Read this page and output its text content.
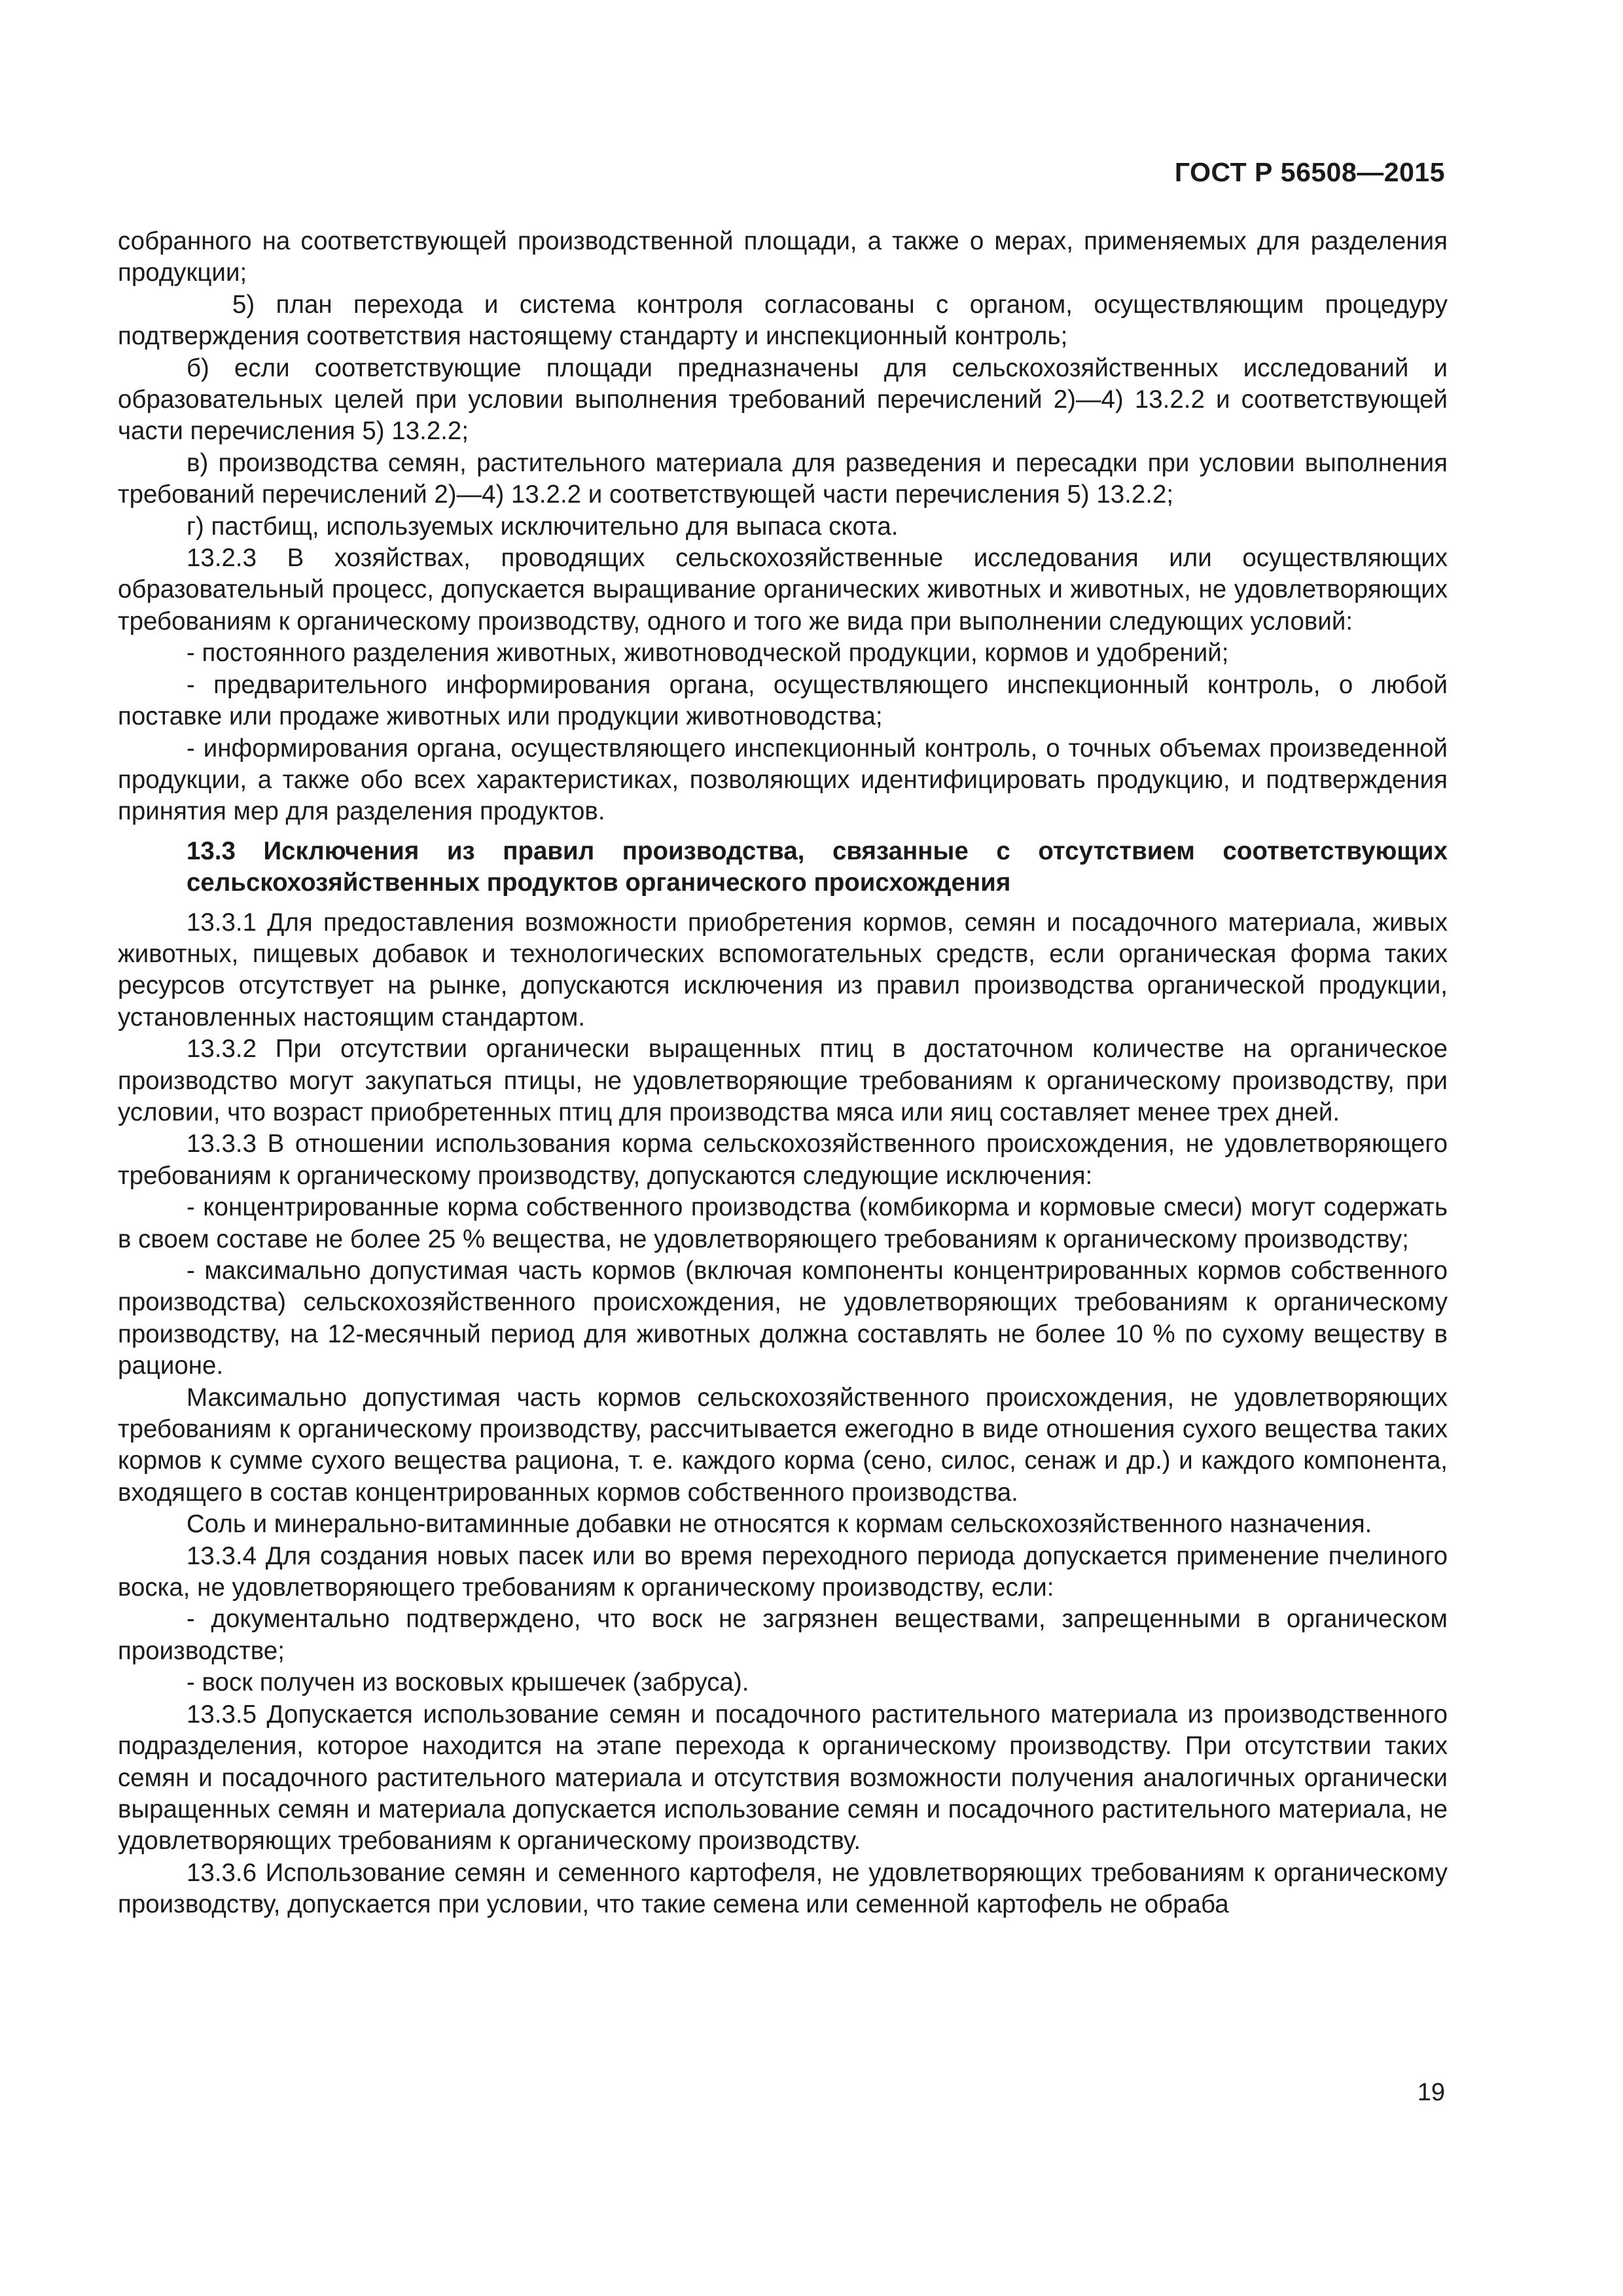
ГОСТ Р 56508—2015

собранного на соответствующей производственной площади, а также о мерах, применяемых для разделения продукции;

5) план перехода и система контроля согласованы с органом, осуществляющим процедуру подтверждения соответствия настоящему стандарту и инспекционный контроль;

б) если соответствующие площади предназначены для сельскохозяйственных исследований и образовательных целей при условии выполнения требований перечислений 2)—4) 13.2.2 и соответствующей части перечисления 5) 13.2.2;

в) производства семян, растительного материала для разведения и пересадки при условии выполнения требований перечислений 2)—4) 13.2.2 и соответствующей части перечисления 5) 13.2.2;

г) пастбищ, используемых исключительно для выпаса скота.

13.2.3 В хозяйствах, проводящих сельскохозяйственные исследования или осуществляющих образовательный процесс, допускается выращивание органических животных и животных, не удовлетворяющих требованиям к органическому производству, одного и того же вида при выполнении следующих условий:

- постоянного разделения животных, животноводческой продукции, кормов и удобрений;

- предварительного информирования органа, осуществляющего инспекционный контроль, о любой поставке или продаже животных или продукции животноводства;

- информирования органа, осуществляющего инспекционный контроль, о точных объемах произведенной продукции, а также обо всех характеристиках, позволяющих идентифицировать продукцию, и подтверждения принятия мер для разделения продуктов.

13.3 Исключения из правил производства, связанные с отсутствием соответствующих сельскохозяйственных продуктов органического происхождения

13.3.1 Для предоставления возможности приобретения кормов, семян и посадочного материала, живых животных, пищевых добавок и технологических вспомогательных средств, если органическая форма таких ресурсов отсутствует на рынке, допускаются исключения из правил производства органической продукции, установленных настоящим стандартом.

13.3.2 При отсутствии органически выращенных птиц в достаточном количестве на органическое производство могут закупаться птицы, не удовлетворяющие требованиям к органическому производству, при условии, что возраст приобретенных птиц для производства мяса или яиц составляет менее трех дней.

13.3.3 В отношении использования корма сельскохозяйственного происхождения, не удовлетворяющего требованиям к органическому производству, допускаются следующие исключения:

- концентрированные корма собственного производства (комбикорма и кормовые смеси) могут содержать в своем составе не более 25 % вещества, не удовлетворяющего требованиям к органическому производству;

- максимально допустимая часть кормов (включая компоненты концентрированных кормов собственного производства) сельскохозяйственного происхождения, не удовлетворяющих требованиям к органическому производству, на 12-месячный период для животных должна составлять не более 10 % по сухому веществу в рационе.

Максимально допустимая часть кормов сельскохозяйственного происхождения, не удовлетворяющих требованиям к органическому производству, рассчитывается ежегодно в виде отношения сухого вещества таких кормов к сумме сухого вещества рациона, т. е. каждого корма (сено, силос, сенаж и др.) и каждого компонента, входящего в состав концентрированных кормов собственного производства.

Соль и минерально-витаминные добавки не относятся к кормам сельскохозяйственного назначения.

13.3.4 Для создания новых пасек или во время переходного периода допускается применение пчелиного воска, не удовлетворяющего требованиям к органическому производству, если:

- документально подтверждено, что воск не загрязнен веществами, запрещенными в органическом производстве;

- воск получен из восковых крышечек (забруса).

13.3.5 Допускается использование семян и посадочного растительного материала из производственного подразделения, которое находится на этапе перехода к органическому производству. При отсутствии таких семян и посадочного растительного материала и отсутствия возможности получения аналогичных органически выращенных семян и материала допускается использование семян и посадочного растительного материала, не удовлетворяющих требованиям к органическому производству.

13.3.6 Использование семян и семенного картофеля, не удовлетворяющих требованиям к органическому производству, допускается при условии, что такие семена или семенной картофель не обраба

19
